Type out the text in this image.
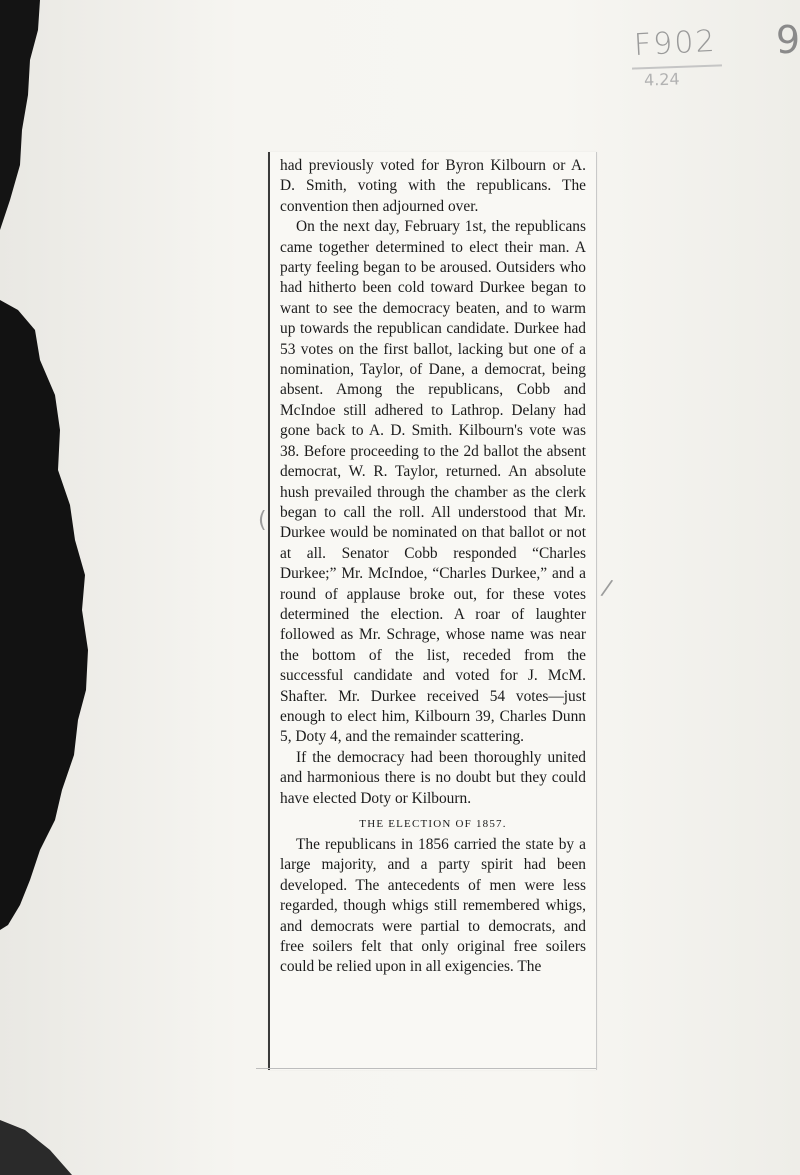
F902 9
4.24
(
/

had previously voted for Byron Kilbourn or A. D. Smith, voting with the republicans. The convention then adjourned over.

On the next day, February 1st, the republicans came together determined to elect their man. A party feeling began to be aroused. Outsiders who had hitherto been cold toward Durkee began to want to see the democracy beaten, and to warm up towards the republican candidate. Durkee had 53 votes on the first ballot, lacking but one of a nomination, Taylor, of Dane, a democrat, being absent. Among the republicans, Cobb and McIndoe still adhered to Lathrop. Delany had gone back to A. D. Smith. Kilbourn's vote was 38. Before proceeding to the 2d ballot the absent democrat, W. R. Taylor, returned. An absolute hush prevailed through the chamber as the clerk began to call the roll. All understood that Mr. Durkee would be nominated on that ballot or not at all. Senator Cobb responded “Charles Durkee;” Mr. McIndoe, “Charles Durkee,” and a round of applause broke out, for these votes determined the election. A roar of laughter followed as Mr. Schrage, whose name was near the bottom of the list, receded from the successful candidate and voted for J. McM. Shafter. Mr. Durkee received 54 votes—just enough to elect him, Kilbourn 39, Charles Dunn 5, Doty 4, and the remainder scattering.

If the democracy had been thoroughly united and harmonious there is no doubt but they could have elected Doty or Kilbourn.

THE ELECTION OF 1857.

The republicans in 1856 carried the state by a large majority, and a party spirit had been developed. The antecedents of men were less regarded, though whigs still remembered whigs, and democrats were partial to democrats, and free soilers felt that only original free soilers could be relied upon in all exigencies. The
